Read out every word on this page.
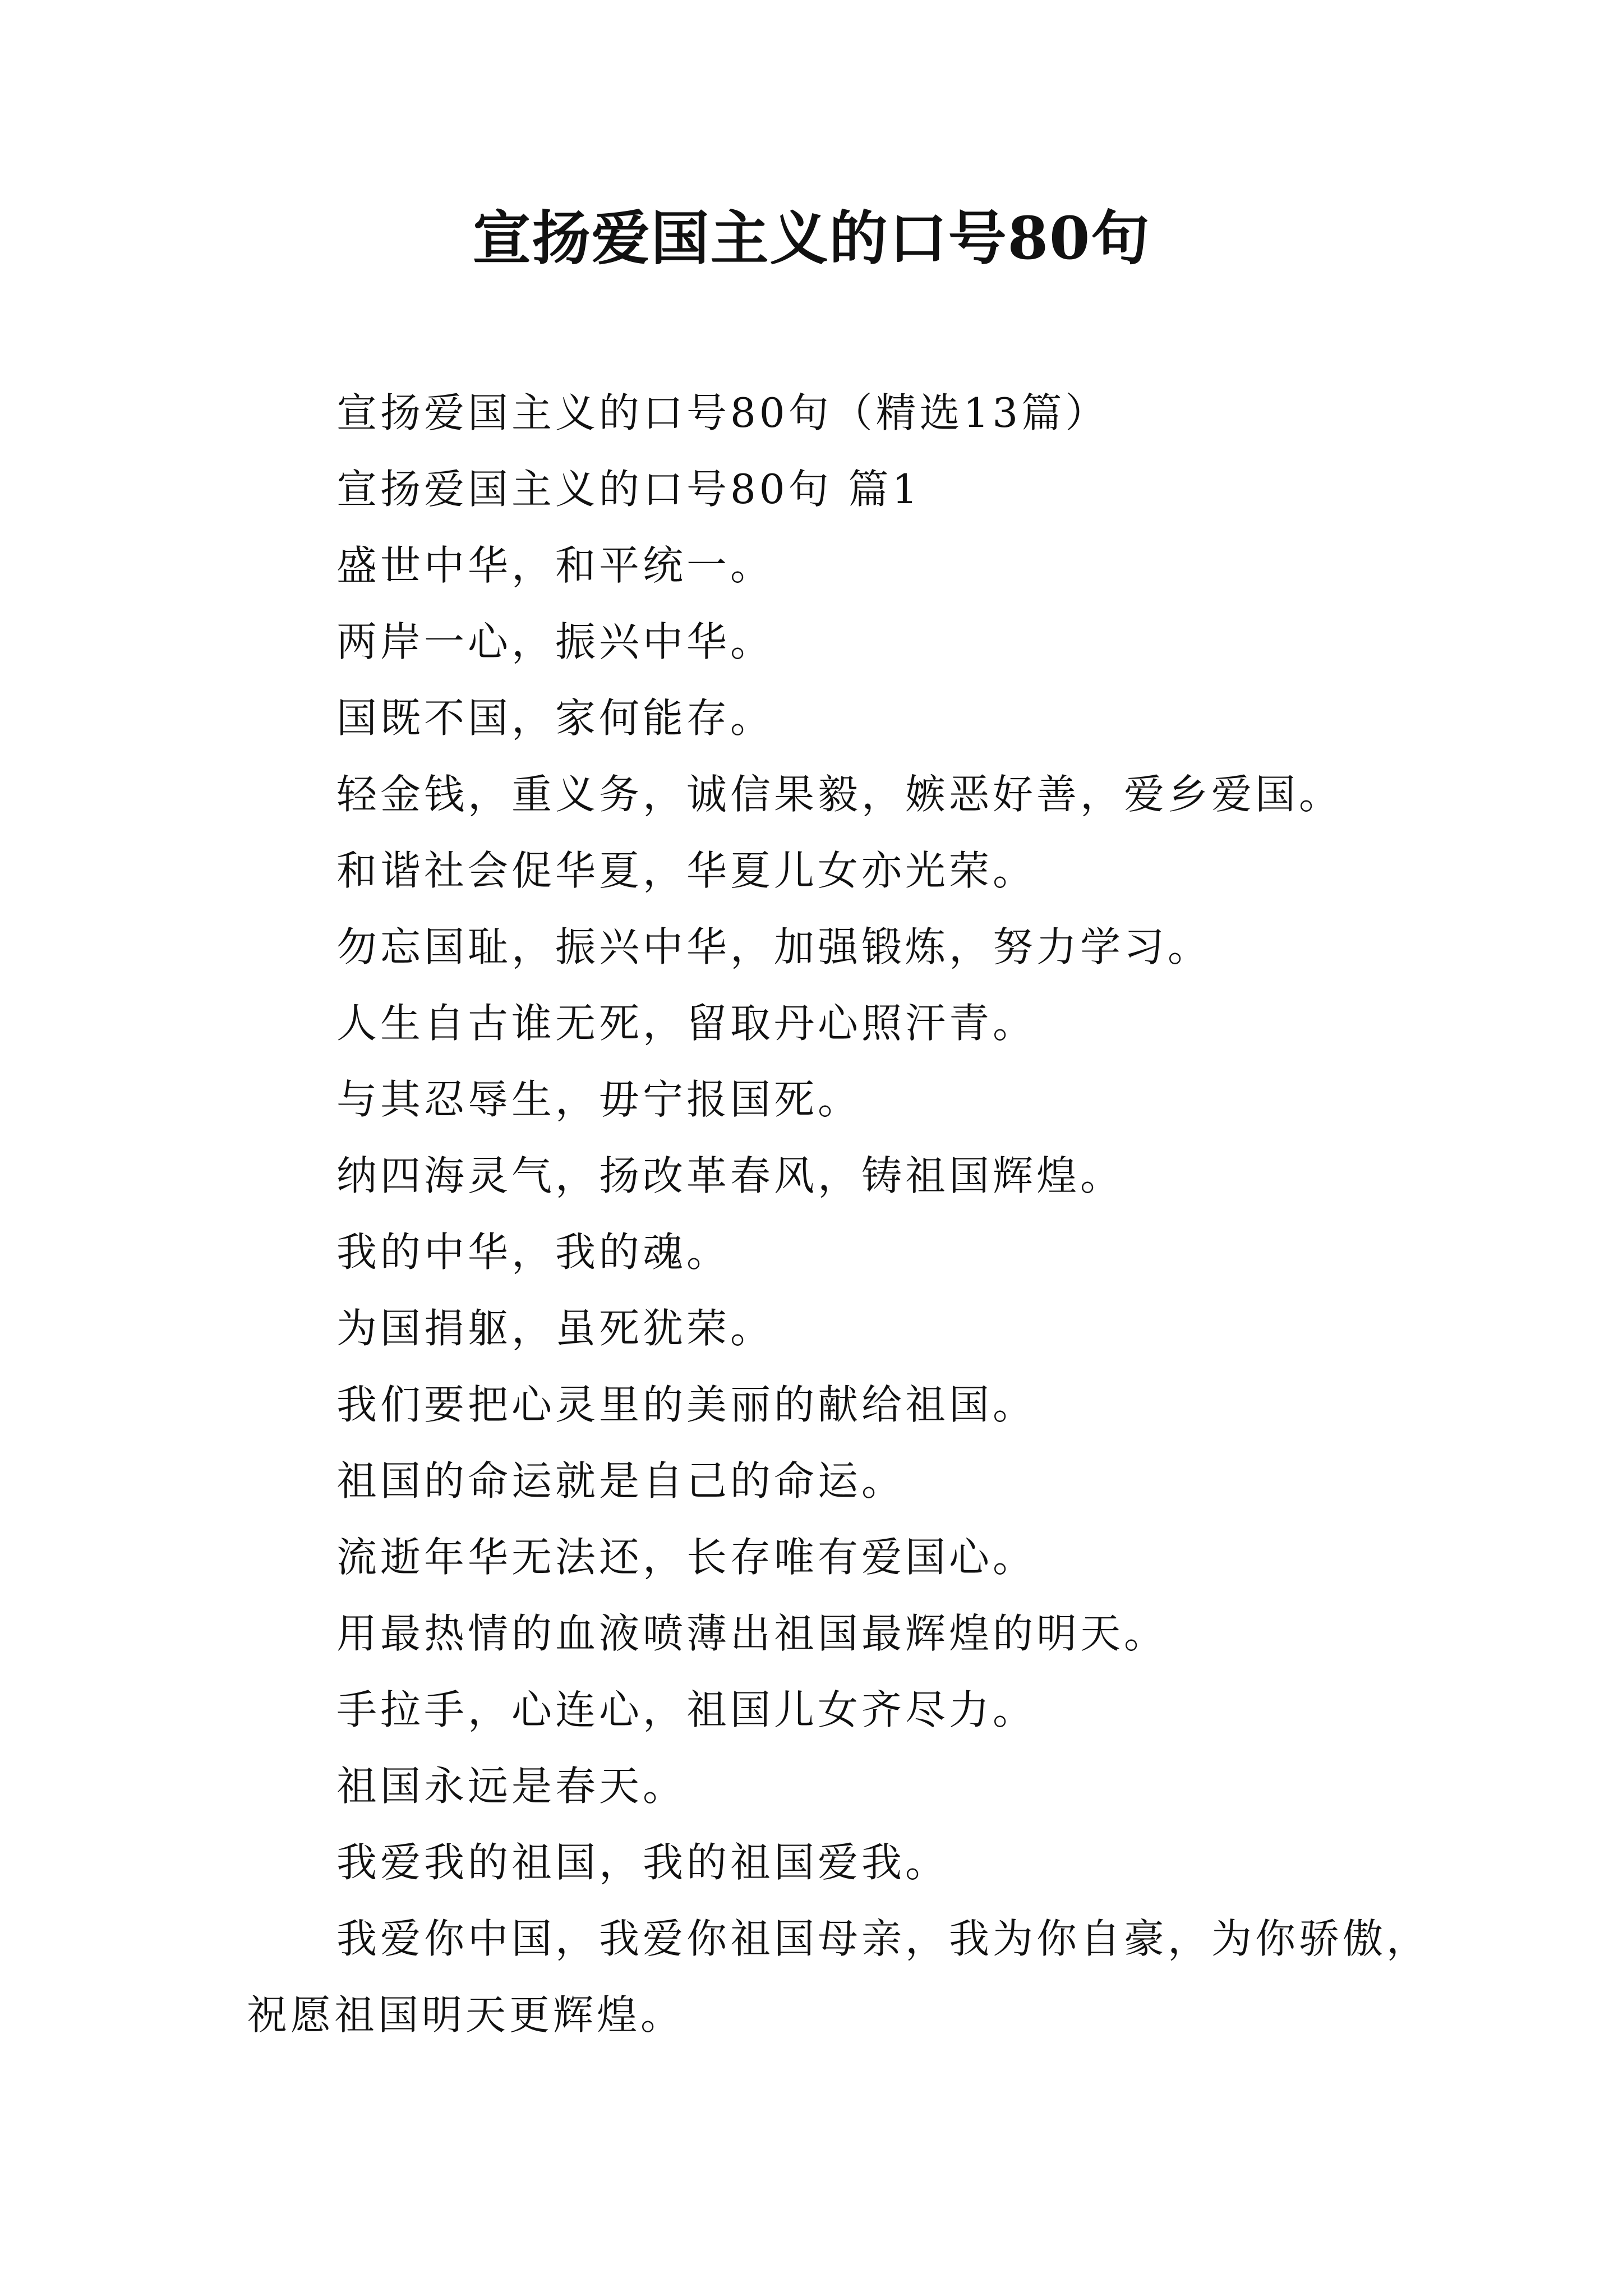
宣扬爱国主义的口号80句

宣扬爱国主义的口号80句（精选13篇）

宣扬爱国主义的口号80句 篇1

盛世中华，和平统一。

两岸一心，振兴中华。

国既不国，家何能存。

轻金钱，重义务，诚信果毅，嫉恶好善，爱乡爱国。

和谐社会促华夏，华夏儿女亦光荣。

勿忘国耻，振兴中华，加强锻炼，努力学习。

人生自古谁无死，留取丹心照汗青。

与其忍辱生，毋宁报国死。

纳四海灵气，扬改革春风，铸祖国辉煌。

我的中华，我的魂。

为国捐躯，虽死犹荣。

我们要把心灵里的美丽的献给祖国。

祖国的命运就是自己的命运。

流逝年华无法还，长存唯有爱国心。

用最热情的血液喷薄出祖国最辉煌的明天。

手拉手，心连心，祖国儿女齐尽力。

祖国永远是春天。

我爱我的祖国，我的祖国爱我。

我爱你中国，我爱你祖国母亲，我为你自豪，为你骄傲，祝愿祖国明天更辉煌。
